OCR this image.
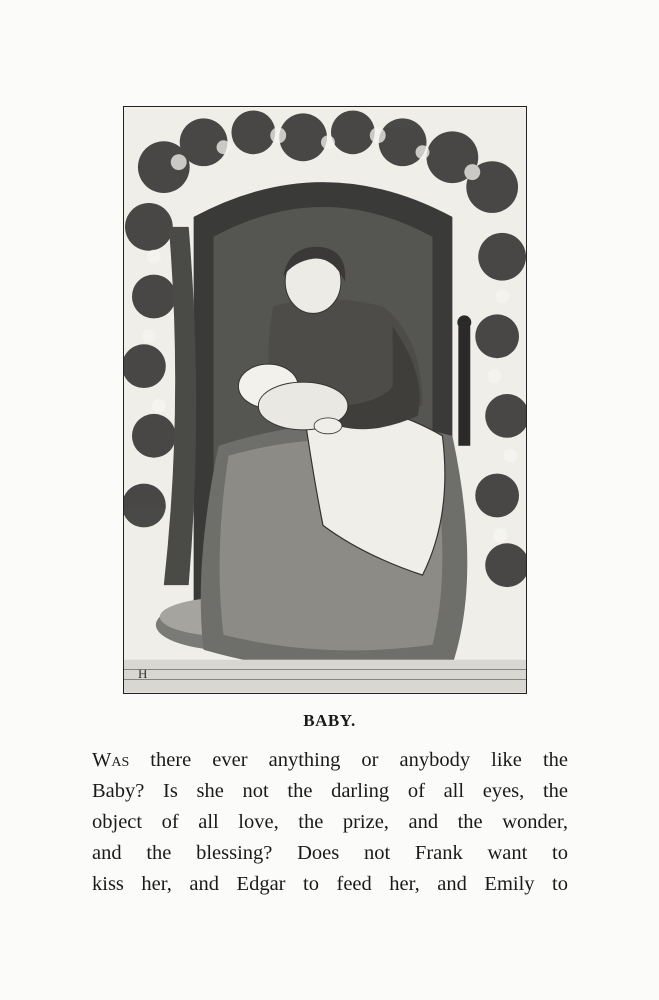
H
BABY.
Was there ever anything or anybody like the
Baby? Is she not the darling of all eyes, the
object of all love, the prize, and the wonder,
and the blessing? Does not Frank want to
kiss her, and Edgar to feed her, and Emily to
